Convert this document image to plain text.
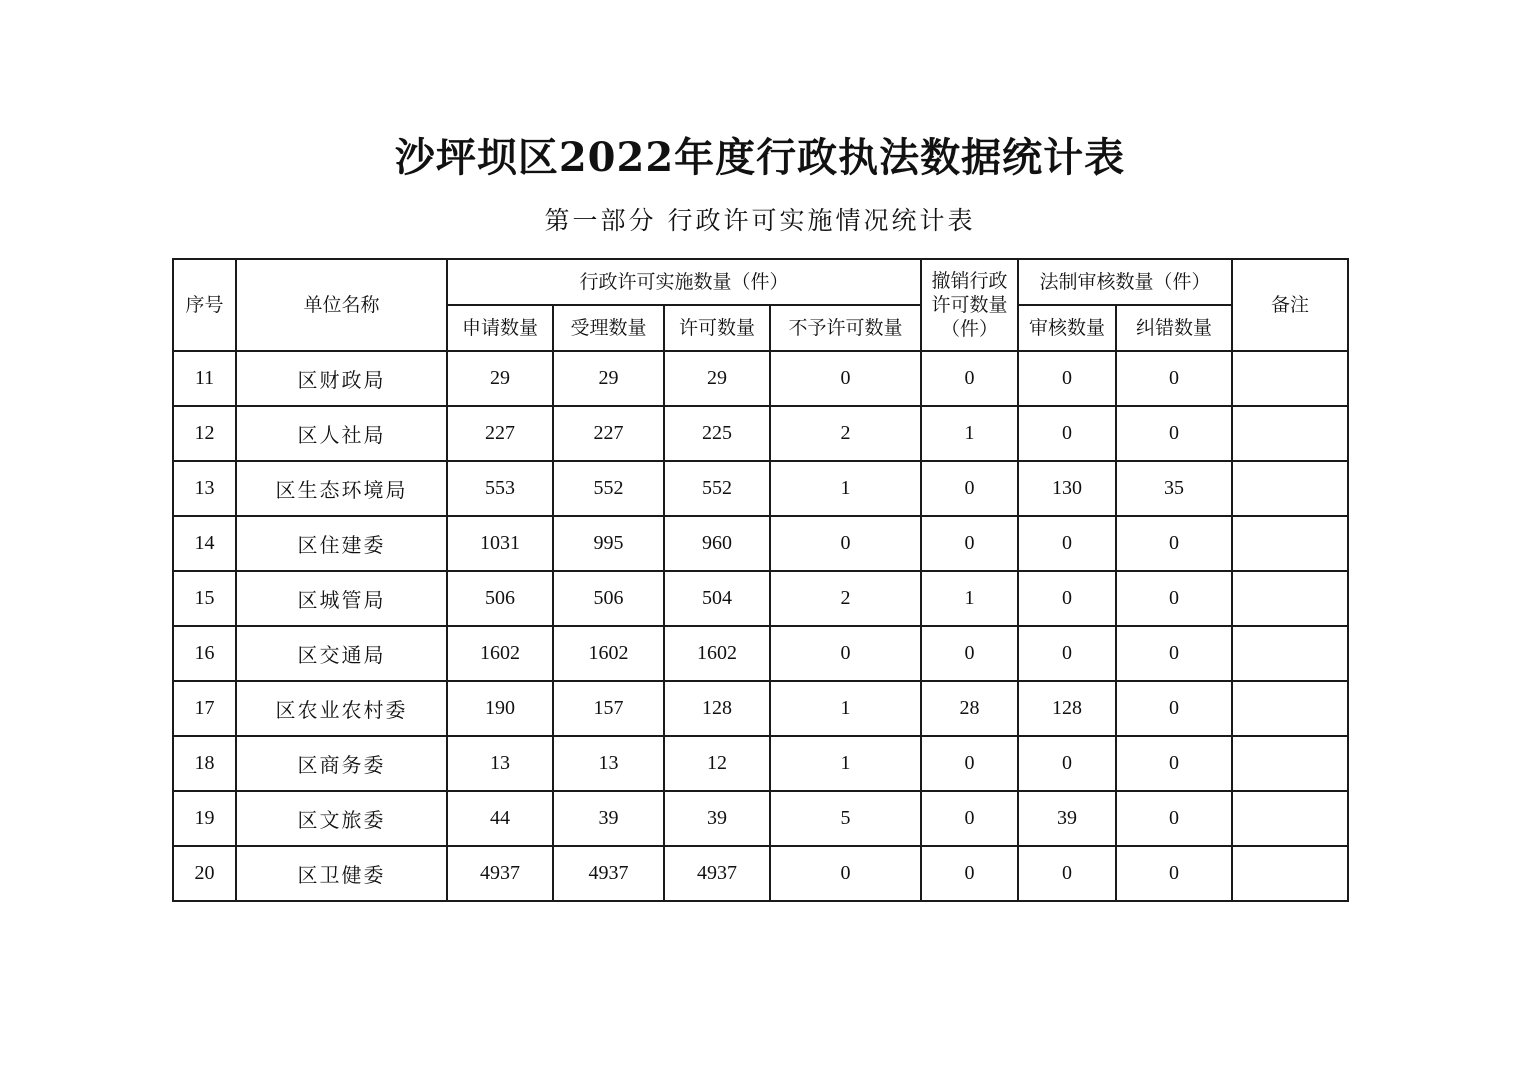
沙坪坝区2022年度行政执法数据统计表
第一部分 行政许可实施情况统计表
序号	单位名称	行政许可实施数量（件）				撤销行政许可数量（件）	法制审核数量（件）		备注
		申请数量	受理数量	许可数量	不予许可数量		审核数量	纠错数量	
11	区财政局	29	29	29	0	0	0	0	
12	区人社局	227	227	225	2	1	0	0	
13	区生态环境局	553	552	552	1	0	130	35	
14	区住建委	1031	995	960	0	0	0	0	
15	区城管局	506	506	504	2	1	0	0	
16	区交通局	1602	1602	1602	0	0	0	0	
17	区农业农村委	190	157	128	1	28	128	0	
18	区商务委	13	13	12	1	0	0	0	
19	区文旅委	44	39	39	5	0	39	0	
20	区卫健委	4937	4937	4937	0	0	0	0	
